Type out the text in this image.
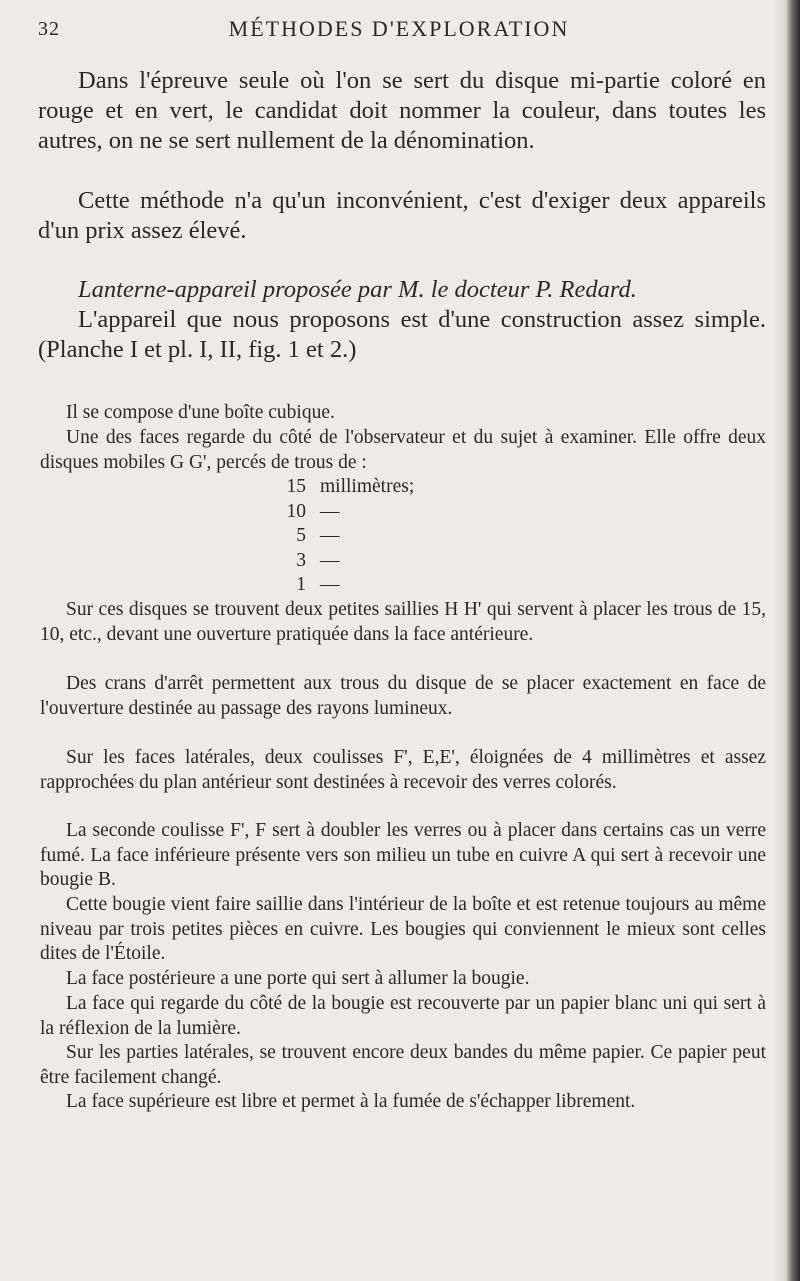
32	MÉTHODES D'EXPLORATION

Dans l'épreuve seule où l'on se sert du disque mi-partie coloré en rouge et en vert, le candidat doit nommer la couleur, dans toutes les autres, on ne se sert nullement de la dénomination.

Cette méthode n'a qu'un inconvénient, c'est d'exiger deux appareils d'un prix assez élevé.

Lanterne-appareil proposée par M. le docteur P. Redard.

L'appareil que nous proposons est d'une construction assez simple. (Planche I et pl. I, II, fig. 1 et 2.)

Il se compose d'une boîte cubique.

Une des faces regarde du côté de l'observateur et du sujet à examiner. Elle offre deux disques mobiles G G', percés de trous de :

15 millimètres;
10 —
5 —
3 —
1 —

Sur ces disques se trouvent deux petites saillies H H' qui servent à placer les trous de 15, 10, etc., devant une ouverture pratiquée dans la face antérieure.

Des crans d'arrêt permettent aux trous du disque de se placer exactement en face de l'ouverture destinée au passage des rayons lumineux.

Sur les faces latérales, deux coulisses F', E,E', éloignées de 4 millimètres et assez rapprochées du plan antérieur sont destinées à recevoir des verres colorés.

La seconde coulisse F', F sert à doubler les verres ou à placer dans certains cas un verre fumé. La face inférieure présente vers son milieu un tube en cuivre A qui sert à recevoir une bougie B.

Cette bougie vient faire saillie dans l'intérieur de la boîte et est retenue toujours au même niveau par trois petites pièces en cuivre. Les bougies qui conviennent le mieux sont celles dites de l'Étoile.

La face postérieure a une porte qui sert à allumer la bougie.

La face qui regarde du côté de la bougie est recouverte par un papier blanc uni qui sert à la réflexion de la lumière.

Sur les parties latérales, se trouvent encore deux bandes du même papier. Ce papier peut être facilement changé.

La face supérieure est libre et permet à la fumée de s'échapper librement.
